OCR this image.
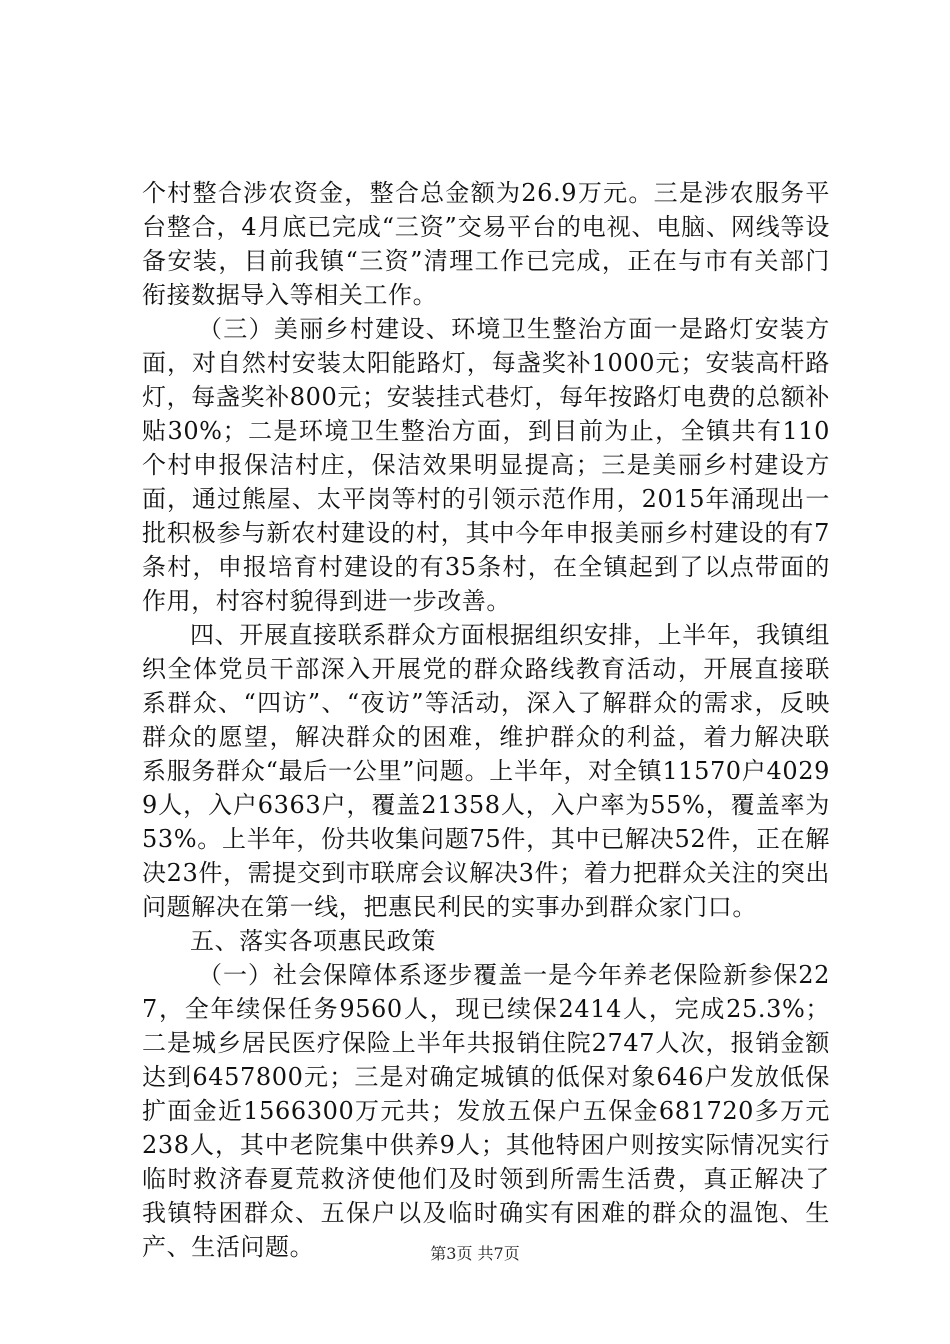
个村整合涉农资金，整合总金额为26.9万元。三是涉农服务平台整合，4月底已完成“三资”交易平台的电视、电脑、网线等设备安装，目前我镇“三资”清理工作已完成，正在与市有关部门衔接数据导入等相关工作。

（三）美丽乡村建设、环境卫生整治方面一是路灯安装方面，对自然村安装太阳能路灯，每盏奖补1000元；安装高杆路灯，每盏奖补800元；安装挂式巷灯，每年按路灯电费的总额补贴30%；二是环境卫生整治方面，到目前为止，全镇共有110个村申报保洁村庄，保洁效果明显提高；三是美丽乡村建设方面，通过熊屋、太平岗等村的引领示范作用，2015年涌现出一批积极参与新农村建设的村，其中今年申报美丽乡村建设的有7条村，申报培育村建设的有35条村，在全镇起到了以点带面的作用，村容村貌得到进一步改善。

四、开展直接联系群众方面根据组织安排，上半年，我镇组织全体党员干部深入开展党的群众路线教育活动，开展直接联系群众、“四访”、“夜访”等活动，深入了解群众的需求，反映群众的愿望，解决群众的困难，维护群众的利益，着力解决联系服务群众“最后一公里”问题。上半年，对全镇11570户40299人，入户6363户，覆盖21358人，入户率为55%，覆盖率为53%。上半年，份共收集问题75件，其中已解决52件，正在解决23件，需提交到市联席会议解决3件；着力把群众关注的突出问题解决在第一线，把惠民利民的实事办到群众家门口。

五、落实各项惠民政策

（一）社会保障体系逐步覆盖一是今年养老保险新参保227，全年续保任务9560人，现已续保2414人，完成25.3%；二是城乡居民医疗保险上半年共报销住院2747人次，报销金额达到6457800元；三是对确定城镇的低保对象646户发放低保扩面金近1566300万元共；发放五保户五保金681720多万元238人，其中老院集中供养9人；其他特困户则按实际情况实行临时救济春夏荒救济使他们及时领到所需生活费，真正解决了我镇特困群众、五保户以及临时确实有困难的群众的温饱、生产、生活问题。	第3页 共7页
